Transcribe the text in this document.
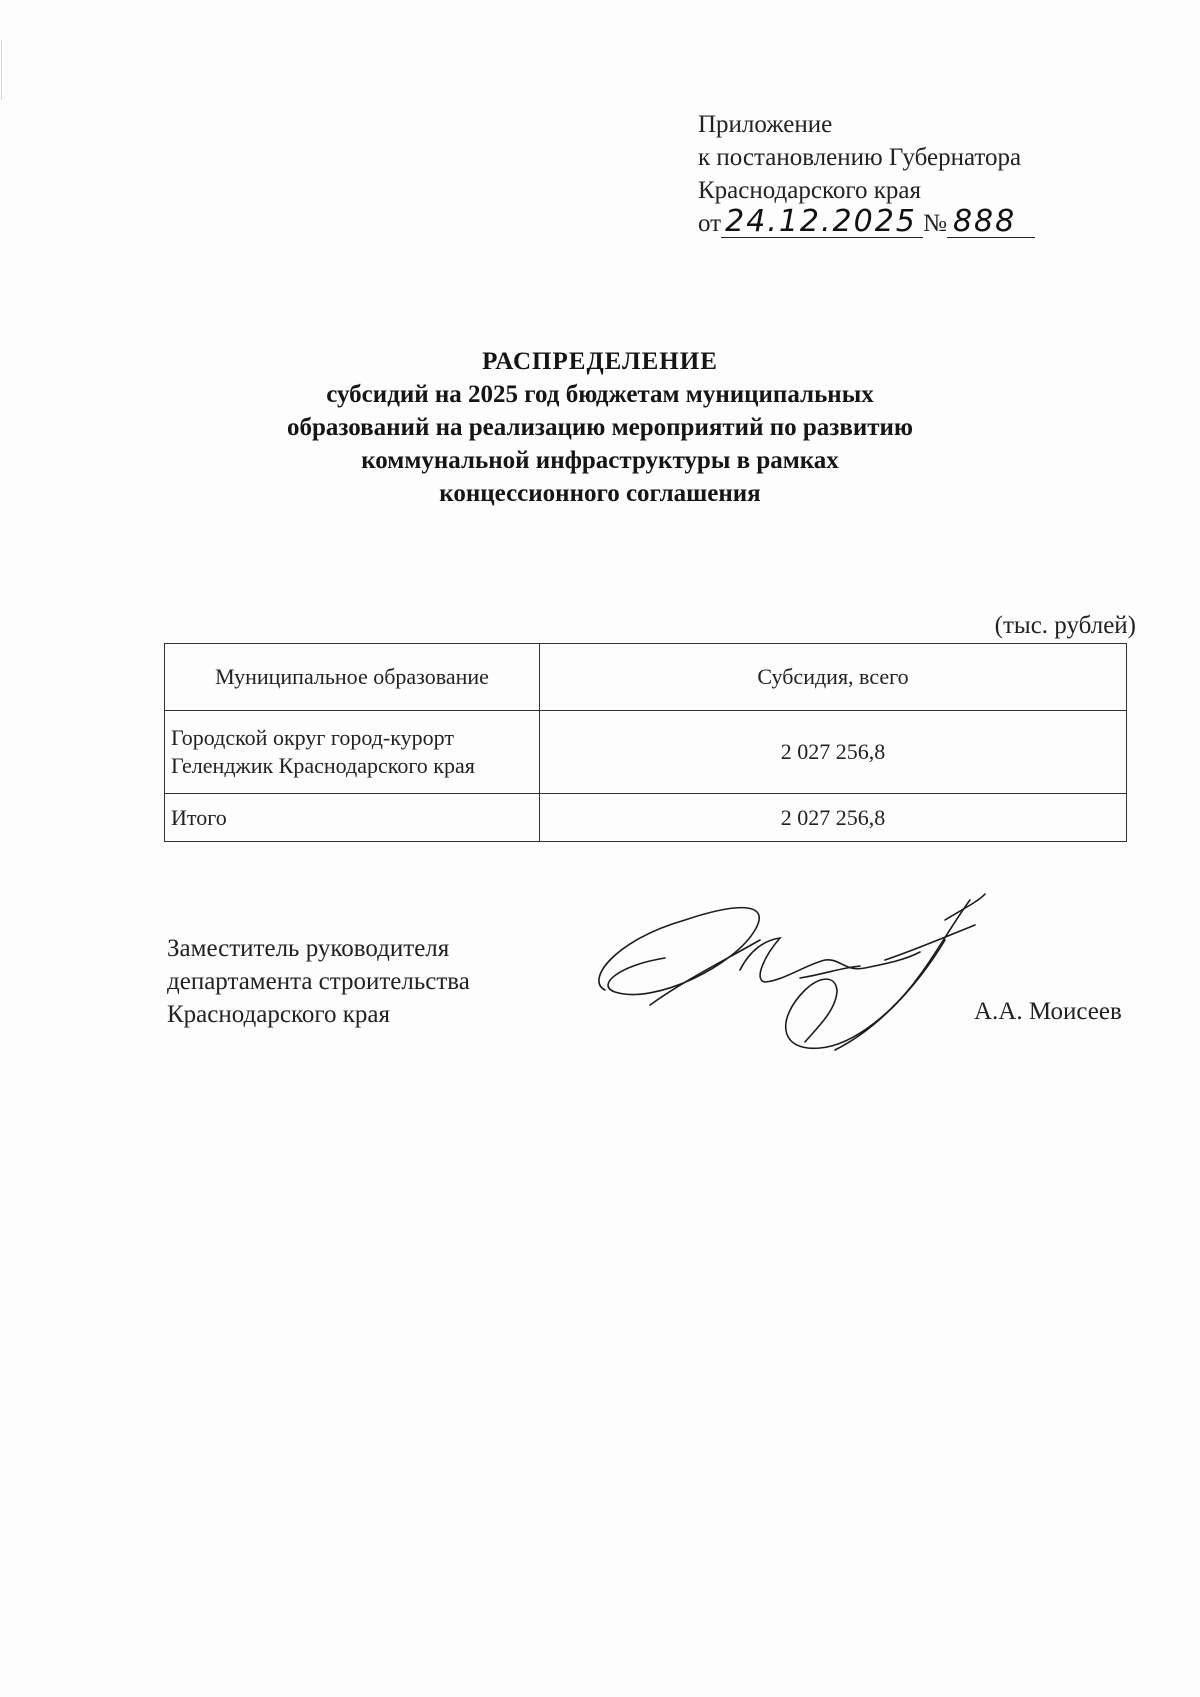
Приложение
к постановлению Губернатора
Краснодарского края
от 24.12.2025 № 888
РАСПРЕДЕЛЕНИЕ
субсидий на 2025 год бюджетам муниципальных
образований на реализацию мероприятий по развитию
коммунальной инфраструктуры в рамках
концессионного соглашения
(тыс. рублей)
Муниципальное образование	Субсидия, всего

Городской округ город-курорт
Геленджик Краснодарского края	2 027 256,8
Итого	2 027 256,8
Заместитель руководителя
департамента строительства
Краснодарского края	А.А. Моисеев
